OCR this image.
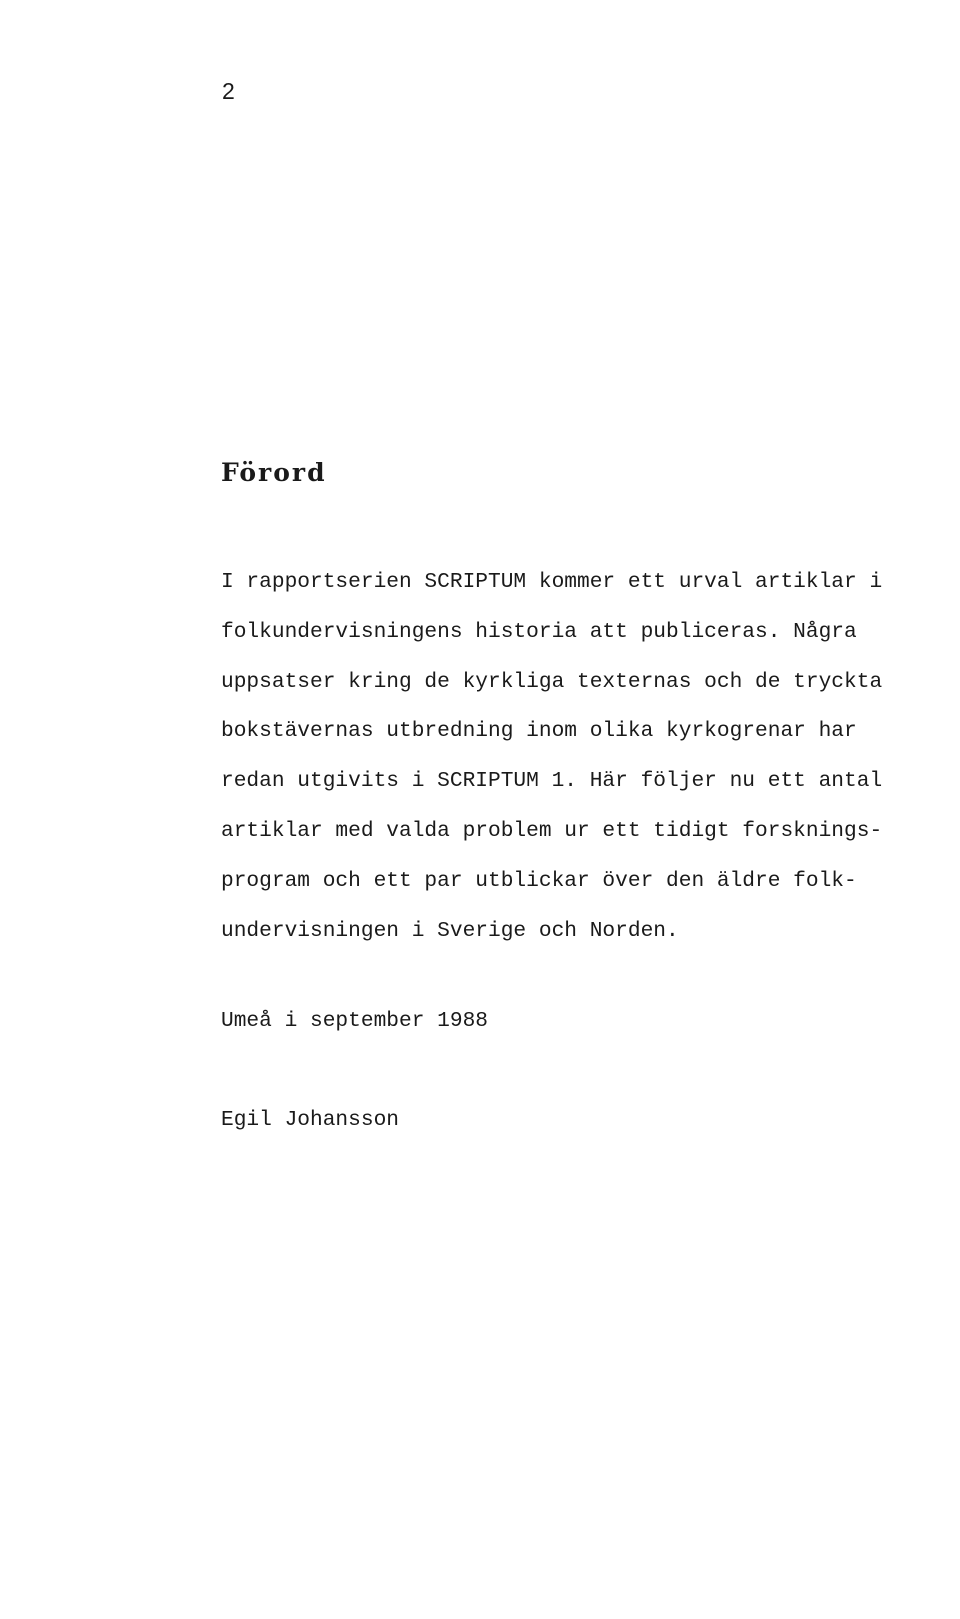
2
Förord
I rapportserien SCRIPTUM kommer ett urval artiklar i
folkundervisningens historia att publiceras. Några
uppsatser kring de kyrkliga texternas och de tryckta
bokstävernas utbredning inom olika kyrkogrenar har
redan utgivits i SCRIPTUM 1. Här följer nu ett antal
artiklar med valda problem ur ett tidigt forsknings-
program och ett par utblickar över den äldre folk-
undervisningen i Sverige och Norden.
Umeå i september 1988
Egil Johansson
